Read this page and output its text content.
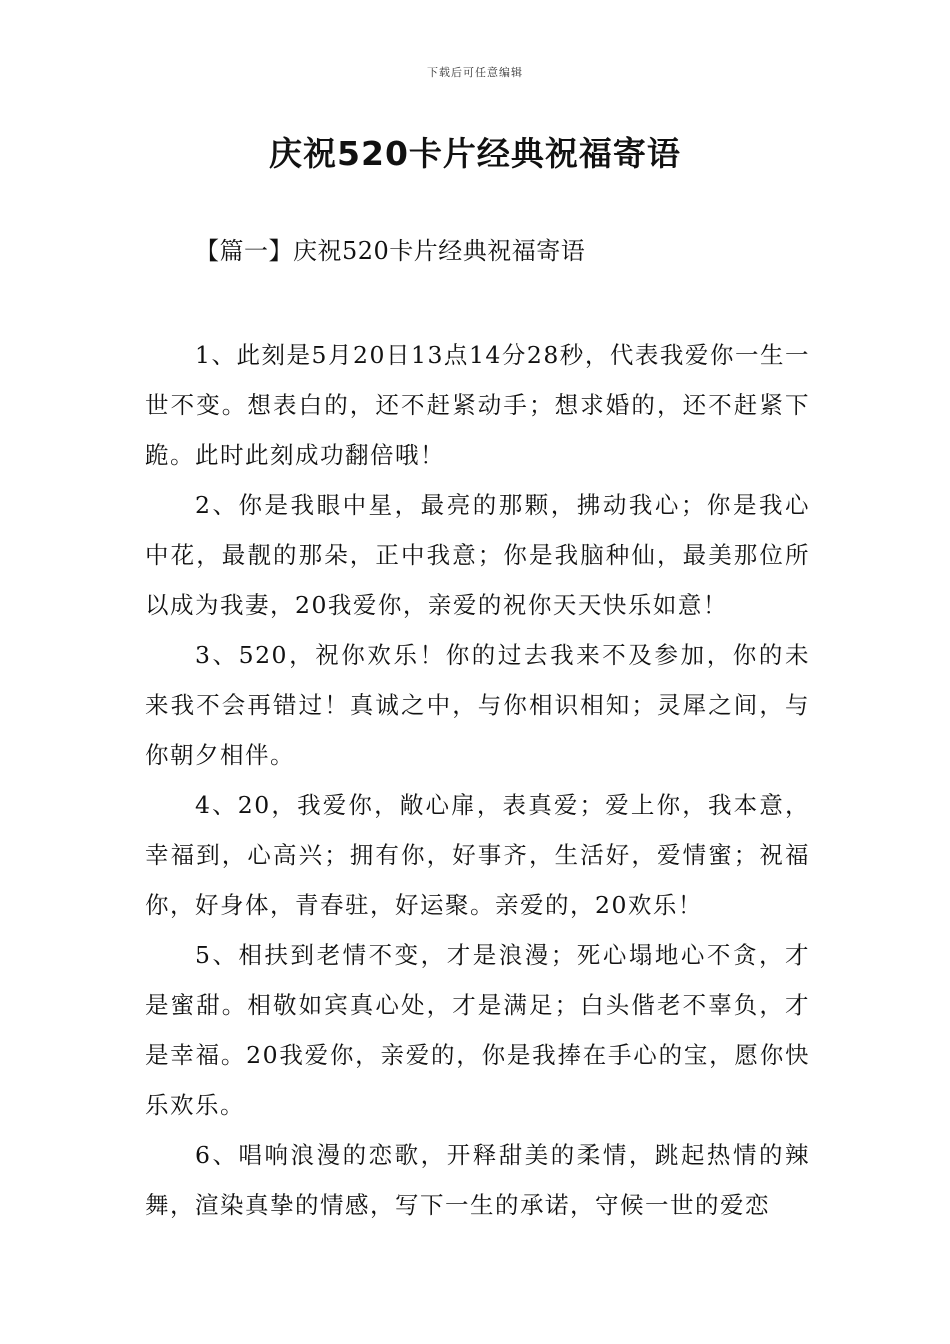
下载后可任意编辑
庆祝520卡片经典祝福寄语
【篇一】庆祝520卡片经典祝福寄语

1、此刻是5月20日13点14分28秒，代表我爱你一生一世不变。想表白的，还不赶紧动手；想求婚的，还不赶紧下跪。此时此刻成功翻倍哦！

2、你是我眼中星，最亮的那颗，拂动我心；你是我心中花，最靓的那朵，正中我意；你是我脑种仙，最美那位所以成为我妻，20我爱你，亲爱的祝你天天快乐如意！

3、520，祝你欢乐！你的过去我来不及参加，你的未来我不会再错过！真诚之中，与你相识相知；灵犀之间，与你朝夕相伴。

4、20，我爱你，敞心扉，表真爱；爱上你，我本意，幸福到，心高兴；拥有你，好事齐，生活好，爱情蜜；祝福你，好身体，青春驻，好运聚。亲爱的，20欢乐！

5、相扶到老情不变，才是浪漫；死心塌地心不贪，才是蜜甜。相敬如宾真心处，才是满足；白头偕老不辜负，才是幸福。20我爱你，亲爱的，你是我捧在手心的宝，愿你快乐欢乐。

6、唱响浪漫的恋歌，开释甜美的柔情，跳起热情的辣舞，渲染真挚的情感，写下一生的承诺，守候一世的爱恋
